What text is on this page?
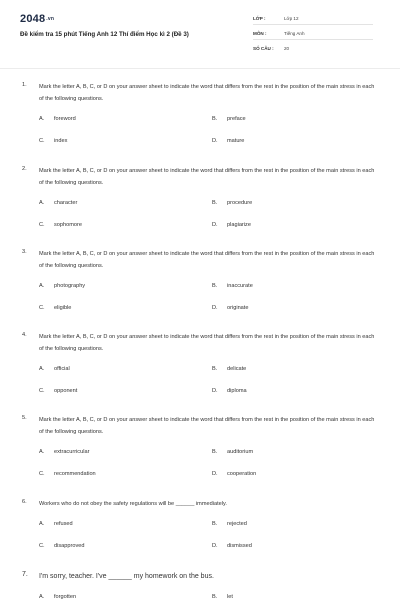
2048.vn
Đề kiểm tra 15 phút Tiếng Anh 12 Thí điểm Học kì 2 (Đề 3)
LỚP :	Lớp 12
MÔN :	Tiếng Anh
SỐ CÂU : 20
1. Mark the letter A, B, C, or D on your answer sheet to indicate the word that differs from the rest in the position of the main stress in each of the following questions.
A. foreword	B. preface
C. index	D. mature
2. Mark the letter A, B, C, or D on your answer sheet to indicate the word that differs from the rest in the position of the main stress in each of the following questions.
A. character	B. procedure
C. sophomore	D. plagiarize
3. Mark the letter A, B, C, or D on your answer sheet to indicate the word that differs from the rest in the position of the main stress in each of the following questions.
A. photography	B. inaccurate
C. eligible	D. originate
4. Mark the letter A, B, C, or D on your answer sheet to indicate the word that differs from the rest in the position of the main stress in each of the following questions.
A. official	B. delicate
C. opponent	D. diploma
5. Mark the letter A, B, C, or D on your answer sheet to indicate the word that differs from the rest in the position of the main stress in each of the following questions.
A. extracurricular	B. auditorium
C. recommendation	D. cooperation
6. Workers who do not obey the safety regulations will be ______ immediately.
A. refused	B. rejected
C. disapproved	D. dismissed
7. I'm sorry, teacher. I've ______ my homework on the bus.
A. forgotten	B. let
